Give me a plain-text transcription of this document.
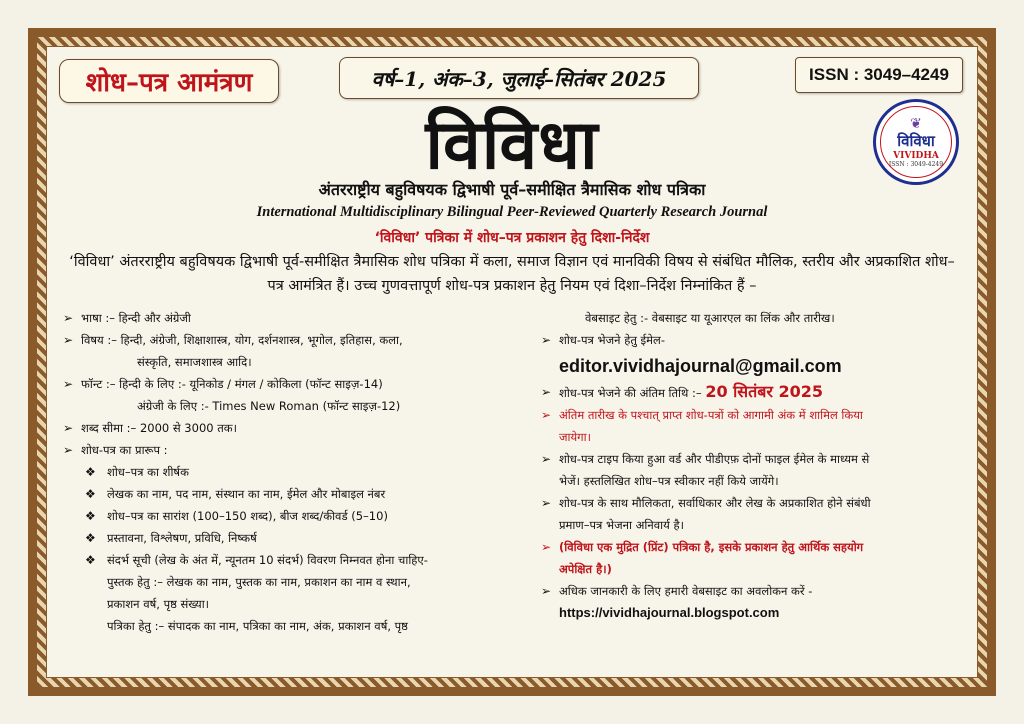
शोध–पत्र आमंत्रण	वर्ष–1, अंक–3, जुलाई–सितंबर 2025	ISSN : 3049–4249
विविधा	❦
विविधा
VIVIDHA
ISSN : 3049-4249
अंतरराष्ट्रीय बहुविषयक द्विभाषी पूर्व–समीक्षित त्रैमासिक शोध पत्रिका
International Multidisciplinary Bilingual Peer-Reviewed Quarterly Research Journal
‘विविधा’ पत्रिका में शोध–पत्र प्रकाशन हेतु दिशा-निर्देश
‘विविधा’ अंतरराष्ट्रीय बहुविषयक द्विभाषी पूर्व-समीक्षित त्रैमासिक शोध पत्रिका में कला, समाज विज्ञान एवं मानविकी विषय से संबंधित मौलिक, स्तरीय और अप्रकाशित शोध–पत्र आमंत्रित हैं। उच्च गुणवत्तापूर्ण शोध-पत्र प्रकाशन हेतु नियम एवं दिशा–निर्देश निम्नांकित हैं –
➢ भाषा :– हिन्दी और अंग्रेजी
➢ विषय :– हिन्दी, अंग्रेजी, शिक्षाशास्त्र, योग, दर्शनशास्त्र, भूगोल, इतिहास, कला,
संस्कृति, समाजशास्त्र आदि।
➢ फॉन्ट :– हिन्दी के लिए :- यूनिकोड / मंगल / कोकिला (फॉन्ट साइज़-14)
अंग्रेजी के लिए :- Times New Roman (फॉन्ट साइज़-12)
➢ शब्द सीमा :– 2000 से 3000 तक।
➢ शोध-पत्र का प्रारूप :
❖ शोध–पत्र का शीर्षक
❖ लेखक का नाम, पद नाम, संस्थान का नाम, ईमेल और मोबाइल नंबर
❖ शोध–पत्र का सारांश (100–150 शब्द), बीज शब्द/कीवर्ड (5–10)
❖ प्रस्तावना, विश्लेषण, प्रविधि, निष्कर्ष
❖ संदर्भ सूची (लेख के अंत में, न्यूनतम 10 संदर्भ) विवरण निम्नवत होना चाहिए-
पुस्तक हेतु :– लेखक का नाम, पुस्तक का नाम, प्रकाशन का नाम व स्थान,
प्रकाशन वर्ष, पृष्ठ संख्या।
पत्रिका हेतु :– संपादक का नाम, पत्रिका का नाम, अंक, प्रकाशन वर्ष, पृष्ठ
वेबसाइट हेतु :- वेबसाइट या यूआरएल का लिंक और तारीख।
➢ शोध-पत्र भेजने हेतु ईमेल-
editor.vividhajournal@gmail.com
➢ शोध-पत्र भेजने की अंतिम तिथि :– 20 सितंबर 2025
➢ अंतिम तारीख के पश्चात् प्राप्त शोध-पत्रों को आगामी अंक में शामिल किया
जायेगा।
➢ शोध-पत्र टाइप किया हुआ वर्ड और पीडीएफ़ दोनों फाइल ईमेल के माध्यम से
भेजें। हस्तलिखित शोध–पत्र स्वीकार नहीं किये जायेंगे।
➢ शोध-पत्र के साथ मौलिकता, सर्वाधिकार और लेख के अप्रकाशित होने संबंधी
प्रमाण–पत्र भेजना अनिवार्य है।
➢ (विविधा एक मुद्रित (प्रिंट) पत्रिका है, इसके प्रकाशन हेतु आर्थिक सहयोग
अपेक्षित है।)
➢ अधिक जानकारी के लिए हमारी वेबसाइट का अवलोकन करें -
https://vividhajournal.blogspot.com
